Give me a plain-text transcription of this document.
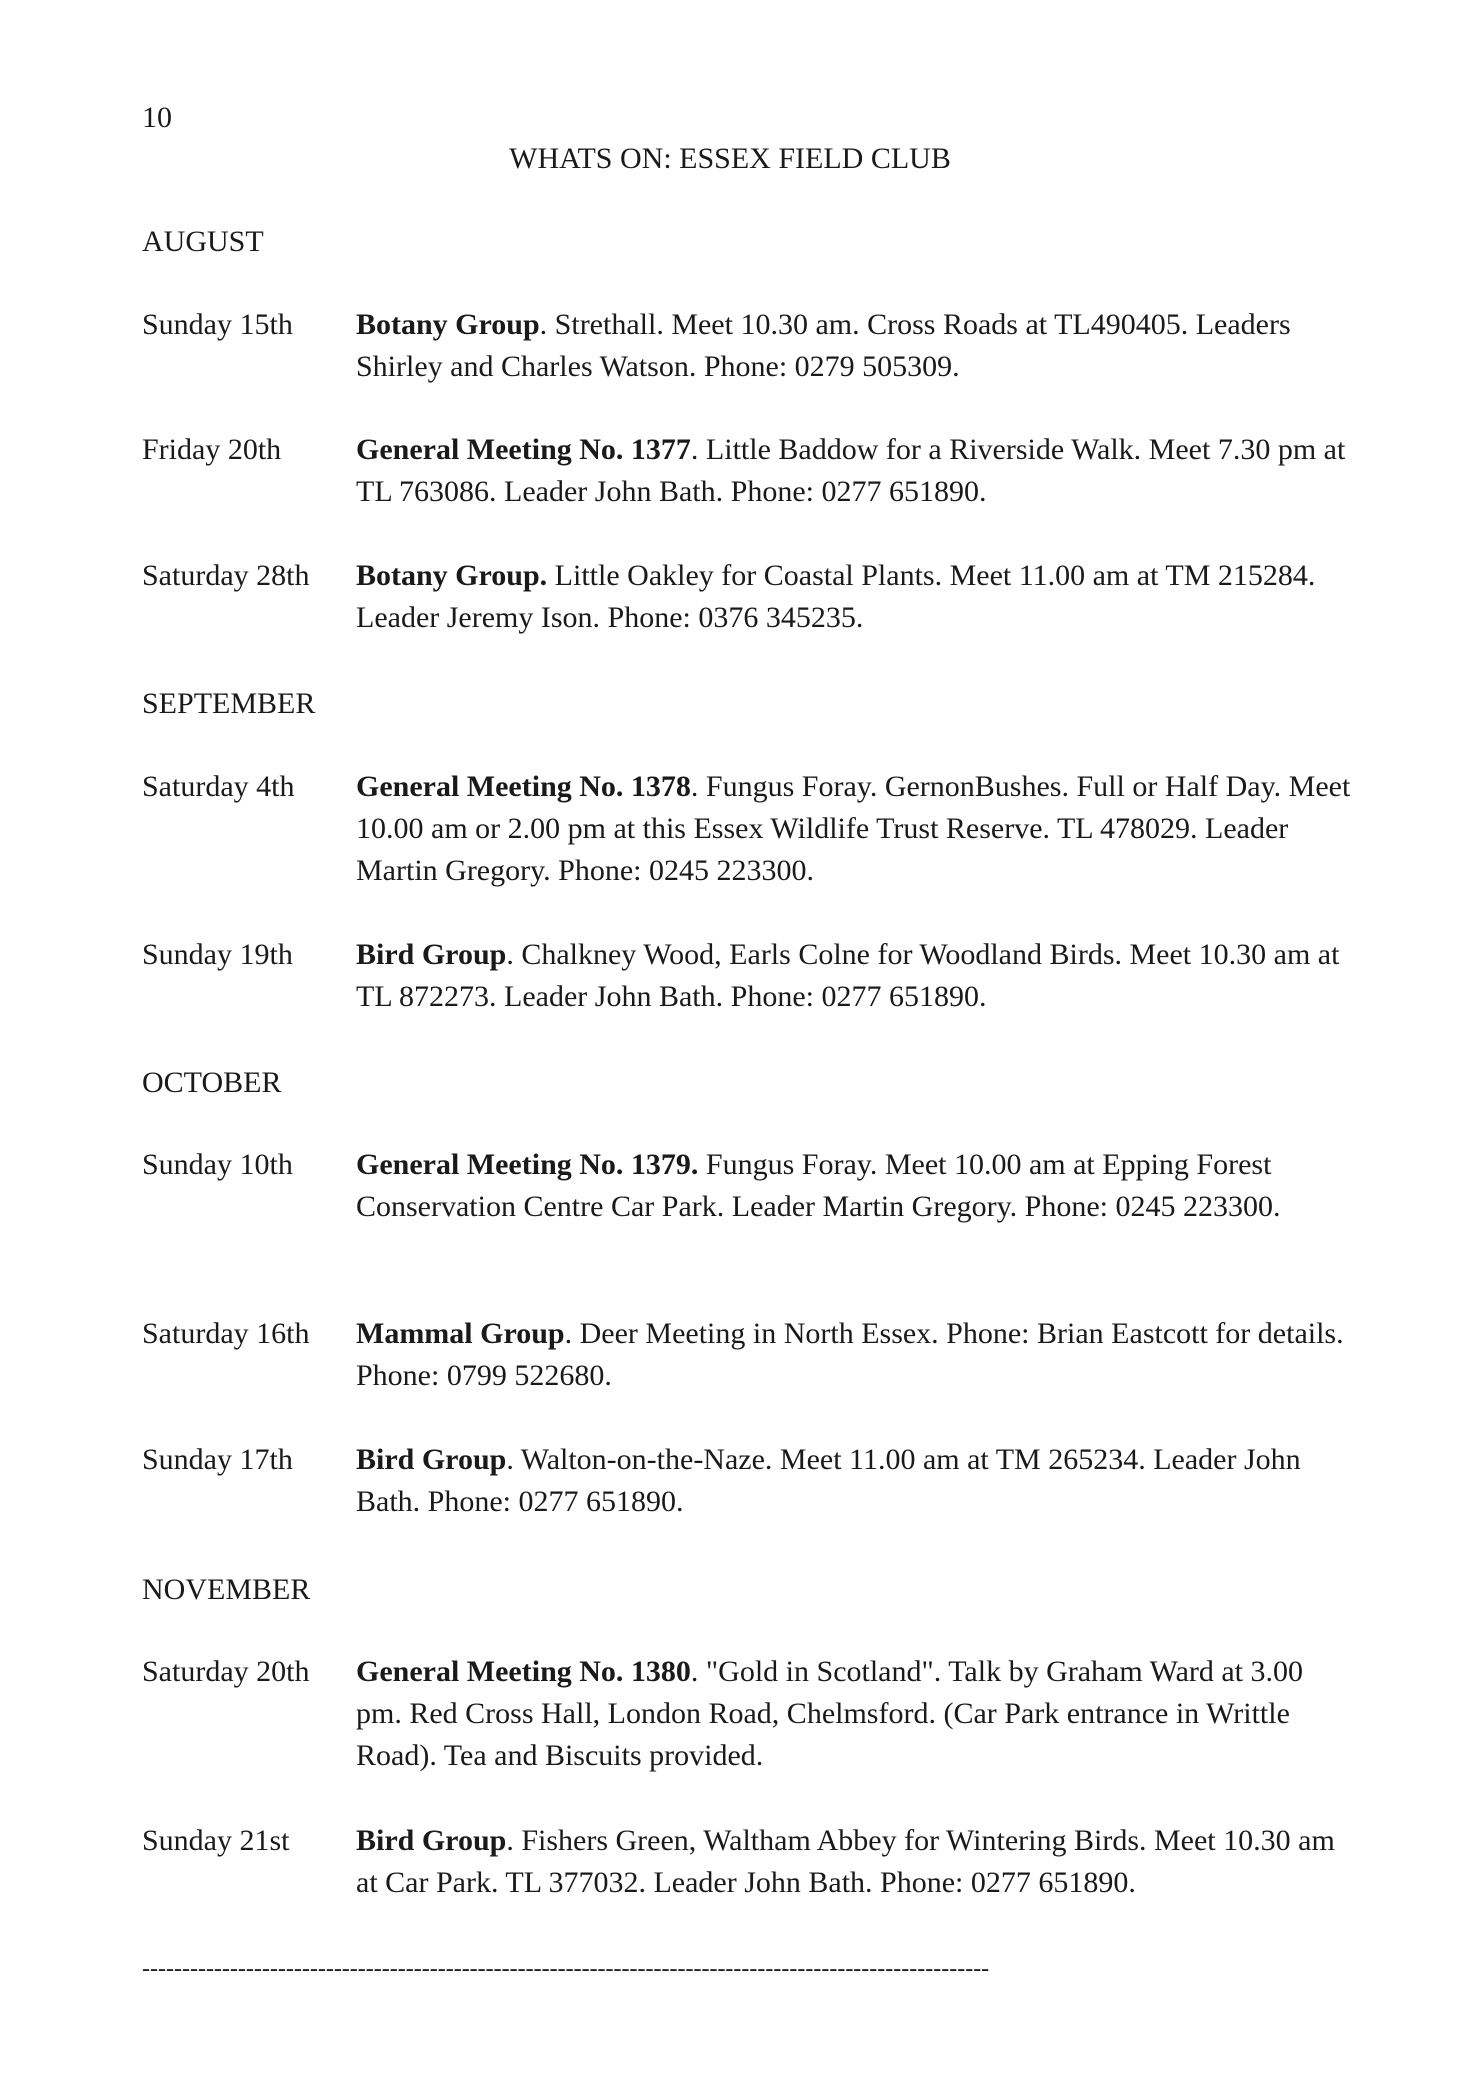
10
WHATS ON: ESSEX FIELD CLUB
AUGUST
Sunday 15th	Botany Group. Strethall. Meet 10.30 am. Cross Roads at TL490405. Leaders Shirley and Charles Watson. Phone: 0279 505309.
Friday 20th	General Meeting No. 1377. Little Baddow for a Riverside Walk. Meet 7.30 pm at TL 763086. Leader John Bath. Phone: 0277 651890.
Saturday 28th	Botany Group. Little Oakley for Coastal Plants. Meet 11.00 am at TM 215284. Leader Jeremy Ison. Phone: 0376 345235.
SEPTEMBER
Saturday 4th	General Meeting No. 1378. Fungus Foray. GernonBushes. Full or Half Day. Meet 10.00 am or 2.00 pm at this Essex Wildlife Trust Reserve. TL 478029. Leader Martin Gregory. Phone: 0245 223300.
Sunday 19th	Bird Group. Chalkney Wood, Earls Colne for Woodland Birds. Meet 10.30 am at TL 872273. Leader John Bath. Phone: 0277 651890.
OCTOBER
Sunday 10th	General Meeting No. 1379. Fungus Foray. Meet 10.00 am at Epping Forest Conservation Centre Car Park. Leader Martin Gregory. Phone: 0245 223300.
Saturday 16th	Mammal Group. Deer Meeting in North Essex. Phone: Brian Eastcott for details. Phone: 0799 522680.
Sunday 17th	Bird Group. Walton-on-the-Naze. Meet 11.00 am at TM 265234. Leader John Bath. Phone: 0277 651890.
NOVEMBER
Saturday 20th	General Meeting No. 1380. "Gold in Scotland". Talk by Graham Ward at 3.00 pm. Red Cross Hall, London Road, Chelmsford. (Car Park entrance in Writtle Road). Tea and Biscuits provided.
Sunday 21st	Bird Group. Fishers Green, Waltham Abbey for Wintering Birds. Meet 10.30 am at Car Park. TL 377032. Leader John Bath. Phone: 0277 651890.
----------------------------------------------------------------------------------------------------------
